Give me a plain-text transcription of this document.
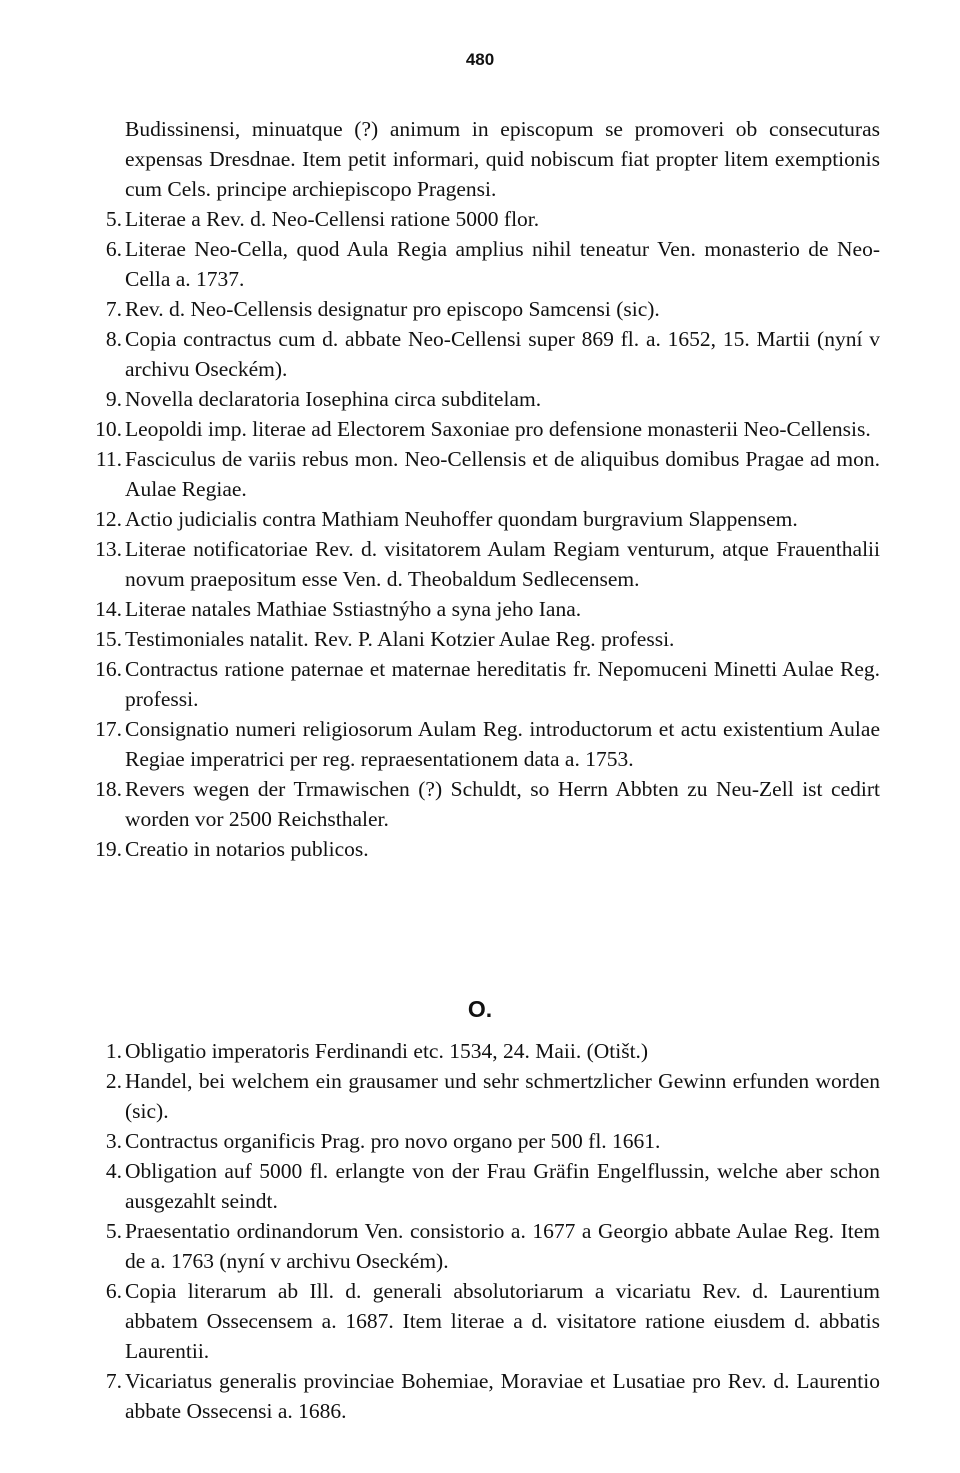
480
Budissinensi, minuatque (?) animum in episcopum se promoveri ob consecuturas expensas Dresdnae. Item petit informari, quid nobiscum fiat propter litem exemptionis cum Cels. principe archiepiscopo Pragensi.
5. Literae a Rev. d. Neo-Cellensi ratione 5000 flor.
6. Literae Neo-Cella, quod Aula Regia amplius nihil teneatur Ven. monasterio de Neo-Cella a. 1737.
7. Rev. d. Neo-Cellensis designatur pro episcopo Samcensi (sic).
8. Copia contractus cum d. abbate Neo-Cellensi super 869 fl. a. 1652, 15. Martii (nyní v archivu Oseckém).
9. Novella declaratoria Iosephina circa subditelam.
10. Leopoldi imp. literae ad Electorem Saxoniae pro defensione monasterii Neo-Cellensis.
11. Fasciculus de variis rebus mon. Neo-Cellensis et de aliquibus domibus Pragae ad mon. Aulae Regiae.
12. Actio judicialis contra Mathiam Neuhoffer quondam burgravium Slappensem.
13. Literae notificatoriae Rev. d. visitatorem Aulam Regiam venturum, atque Frauenthalii novum praepositum esse Ven. d. Theobaldum Sedlecensem.
14. Literae natales Mathiae Sstiastnýho a syna jeho Iana.
15. Testimoniales natalit. Rev. P. Alani Kotzier Aulae Reg. professi.
16. Contractus ratione paternae et maternae hereditatis fr. Nepomuceni Minetti Aulae Reg. professi.
17. Consignatio numeri religiosorum Aulam Reg. introductorum et actu existentium Aulae Regiae imperatrici per reg. repraesentationem data a. 1753.
18. Revers wegen der Trmawischen (?) Schuldt, so Herrn Abbten zu Neu-Zell ist cedirt worden vor 2500 Reichsthaler.
19. Creatio in notarios publicos.
O.
1. Obligatio imperatoris Ferdinandi etc. 1534, 24. Maii. (Otišt.)
2. Handel, bei welchem ein grausamer und sehr schmertzlicher Gewinn erfunden worden (sic).
3. Contractus organificis Prag. pro novo organo per 500 fl. 1661.
4. Obligation auf 5000 fl. erlangte von der Frau Gräfin Engelflussin, welche aber schon ausgezahlt seindt.
5. Praesentatio ordinandorum Ven. consistorio a. 1677 a Georgio abbate Aulae Reg. Item de a. 1763 (nyní v archivu Oseckém).
6. Copia literarum ab Ill. d. generali absolutoriarum a vicariatu Rev. d. Laurentium abbatem Ossecensem a. 1687. Item literae a d. visitatore ratione eiusdem d. abbatis Laurentii.
7. Vicariatus generalis provinciae Bohemiae, Moraviae et Lusatiae pro Rev. d. Laurentio abbate Ossecensi a. 1686.
